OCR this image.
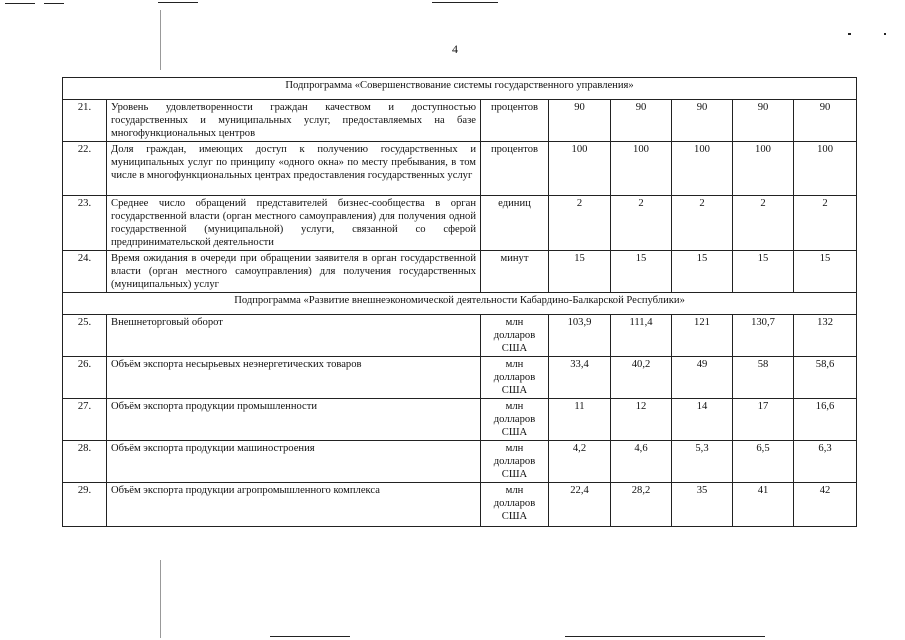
4
Подпрограмма «Совершенствование системы государственного управления»							
21.	Уровень удовлетворенности граждан качеством и доступностью государственных и муниципальных услуг, предоставляемых на базе многофункциональных центров	процентов	90	90	90	90	90
22.	Доля граждан, имеющих доступ к получению государственных и муниципальных услуг по принципу «одного окна» по месту пребывания, в том числе в многофункциональных центрах предоставления государственных услуг	процентов	100	100	100	100	100
23.	Среднее число обращений представителей бизнес-сообщества в орган государственной власти (орган местного самоуправления) для получения одной государственной (муниципальной) услуги, связанной со сферой предпринимательской деятельности	единиц	2	2	2	2	2
24.	Время ожидания в очереди при обращении заявителя в орган государственной власти (орган местного самоуправления) для получения государственных (муниципальных) услуг	минут	15	15	15	15	15
Подпрограмма «Развитие внешнеэкономической деятельности Кабардино-Балкарской Республики»							
25.	Внешнеторговый оборот	млн долларов США	103,9	111,4	121	130,7	132
26.	Объём экспорта несырьевых неэнергетических товаров	млн долларов США	33,4	40,2	49	58	58,6
27.	Объём экспорта продукции промышленности	млн долларов США	11	12	14	17	16,6
28.	Объём экспорта продукции машиностроения	млн долларов США	4,2	4,6	5,3	6,5	6,3
29.	Объём экспорта продукции агропромышленного комплекса	млн долларов США	22,4	28,2	35	41	42
